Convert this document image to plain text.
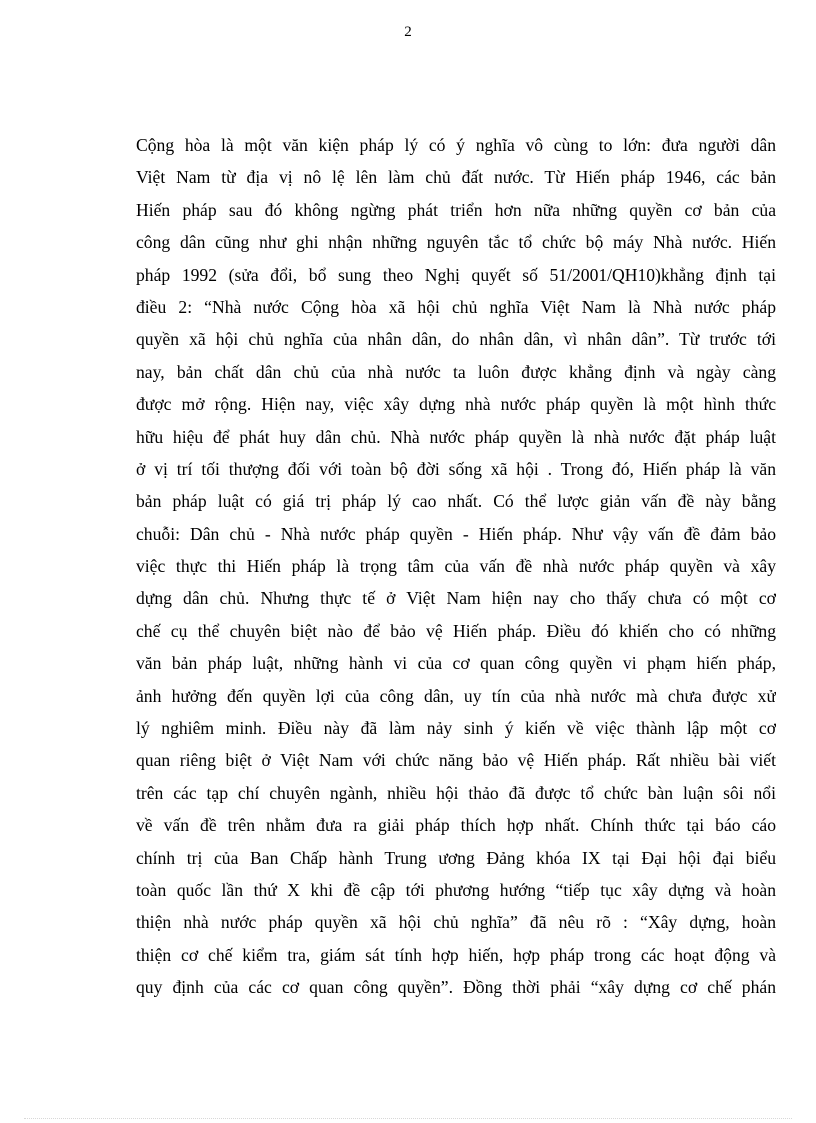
2
Cộng hòa là một văn kiện pháp lý có ý nghĩa vô cùng to lớn: đưa người dân
Việt Nam từ địa vị nô lệ lên làm chủ đất nước. Từ Hiến pháp 1946, các bản
Hiến pháp sau đó không ngừng phát triển hơn nữa những quyền cơ bản của
công dân cũng như ghi nhận những nguyên tắc tổ chức bộ máy Nhà nước. Hiến
pháp 1992 (sửa đổi, bổ sung theo Nghị quyết số 51/2001/QH10)khẳng định tại
điều 2: “Nhà nước Cộng hòa xã hội chủ nghĩa Việt Nam là Nhà nước pháp
quyền xã hội chủ nghĩa của nhân dân, do nhân dân, vì nhân dân”. Từ trước tới
nay, bản chất dân chủ của nhà nước ta luôn được khẳng định và ngày càng
được mở rộng. Hiện nay, việc xây dựng nhà nước pháp quyền là một hình thức
hữu hiệu để phát huy dân chủ. Nhà nước pháp quyền là nhà nước đặt pháp luật
ở vị trí tối thượng đối với toàn bộ đời sống xã hội . Trong đó, Hiến pháp là văn
bản pháp luật có giá trị pháp lý cao nhất. Có thể lược giản vấn đề này bằng
chuỗi: Dân chủ - Nhà nước pháp quyền - Hiến pháp. Như vậy vấn đề đảm bảo
việc thực thi Hiến pháp là trọng tâm của vấn đề nhà nước pháp quyền và xây
dựng dân chủ. Nhưng thực tế ở Việt Nam hiện nay cho thấy chưa có một cơ
chế cụ thể chuyên biệt nào để bảo vệ Hiến pháp. Điều đó khiến cho có những
văn bản pháp luật, những hành vi của cơ quan công quyền vi phạm hiến pháp,
ảnh hưởng đến quyền lợi của công dân, uy tín của nhà nước mà chưa được xử
lý nghiêm minh. Điều này đã làm nảy sinh ý kiến về việc thành lập một cơ
quan riêng biệt ở Việt Nam với chức năng bảo vệ Hiến pháp. Rất nhiều bài viết
trên các tạp chí chuyên ngành, nhiều hội thảo đã được tổ chức bàn luận sôi nổi
về vấn đề trên nhằm đưa ra giải pháp thích hợp nhất. Chính thức tại báo cáo
chính trị của Ban Chấp hành Trung ương Đảng khóa IX tại Đại hội đại biểu
toàn quốc lần thứ X khi đề cập tới phương hướng “tiếp tục xây dựng và hoàn
thiện nhà nước pháp quyền xã hội chủ nghĩa” đã nêu rõ : “Xây dựng, hoàn
thiện cơ chế kiểm tra, giám sát tính hợp hiến, hợp pháp trong các hoạt động và
quy định của các cơ quan công quyền”. Đồng thời phải “xây dựng cơ chế phán
